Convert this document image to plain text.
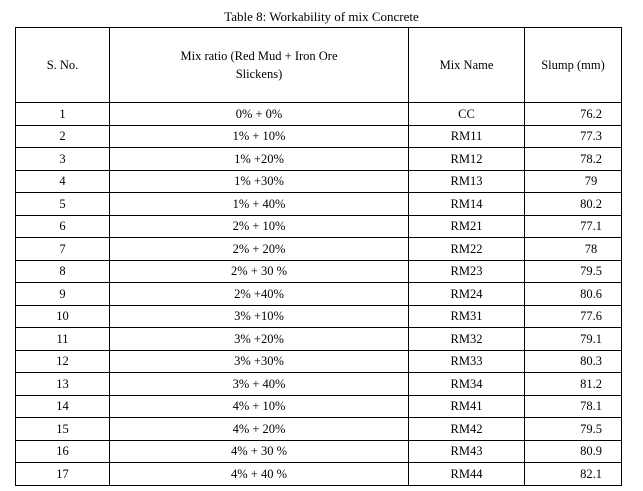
Table 8: Workability of mix Concrete
S. No.	Mix ratio (Red Mud + Iron Ore Slickens)	Mix Name	Slump (mm)
1	0% + 0%	CC	76.2
2	1% + 10%	RM11	77.3
3	1% +20%	RM12	78.2
4	1% +30%	RM13	79
5	1% + 40%	RM14	80.2
6	2% + 10%	RM21	77.1
7	2% + 20%	RM22	78
8	2% + 30 %	RM23	79.5
9	2% +40%	RM24	80.6
10	3% +10%	RM31	77.6
11	3% +20%	RM32	79.1
12	3% +30%	RM33	80.3
13	3% + 40%	RM34	81.2
14	4% + 10%	RM41	78.1
15	4% + 20%	RM42	79.5
16	4% + 30 %	RM43	80.9
17	4% + 40 %	RM44	82.1
